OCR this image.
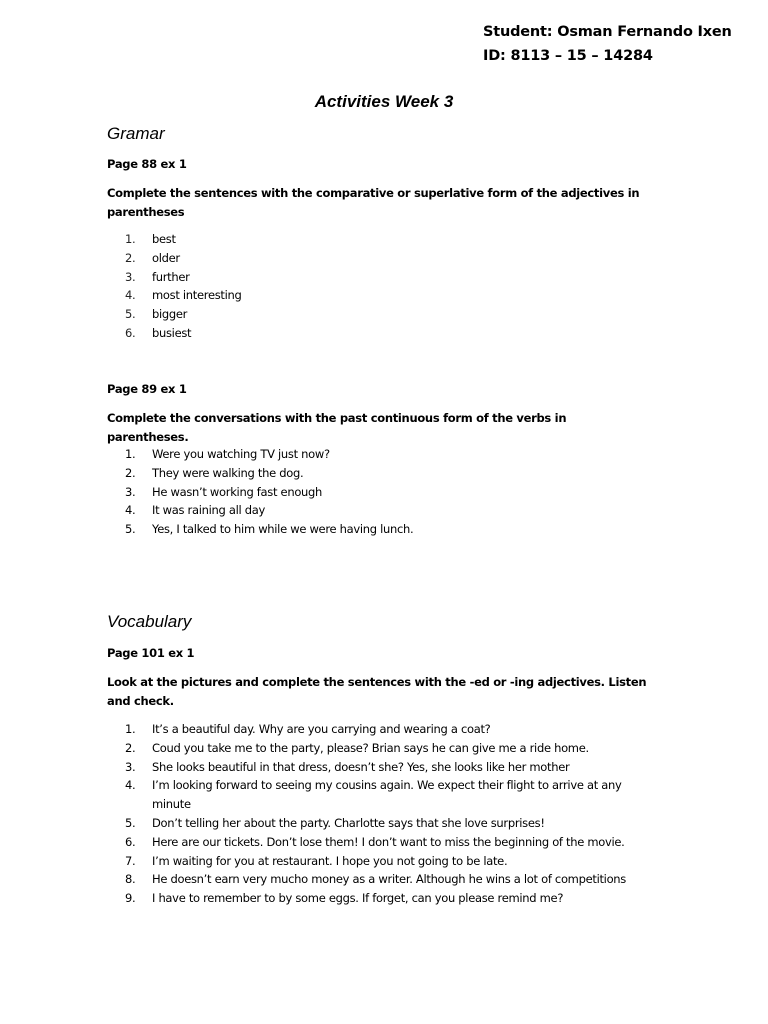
Student: Osman Fernando Ixen
ID: 8113 – 15 – 14284
Activities Week 3
Gramar
Page 88 ex 1
Complete the sentences with the comparative or superlative form of the adjectives in parentheses
1.	best
2.	older
3.	further
4.	most interesting
5.	bigger
6.	busiest
Page 89 ex 1
Complete the conversations with the past continuous form of the verbs in parentheses.
1.	Were you watching TV just now?
2.	They were walking the dog.
3.	He wasn’t working fast enough
4.	It was raining all day
5.	Yes, I talked to him while we were having lunch.
Vocabulary
Page 101 ex 1
Look at the pictures and complete the sentences with the -ed or -ing adjectives. Listen and check.
1.	It’s a beautiful day. Why are you carrying and wearing a coat?
2.	Coud you take me to the party, please? Brian says he can give me a ride home.
3.	She looks beautiful in that dress, doesn’t she? Yes, she looks like her mother
4.	I’m looking forward to seeing my cousins again. We expect their flight to arrive at any minute
5.	Don’t telling her about the party. Charlotte says that she love surprises!
6.	Here are our tickets. Don’t lose them! I don’t want to miss the beginning of the movie.
7.	I’m waiting for you at restaurant. I hope you not going to be late.
8.	He doesn’t earn very mucho money as a writer. Although he wins a lot of competitions
9.	I have to remember to by some eggs. If forget, can you please remind me?
